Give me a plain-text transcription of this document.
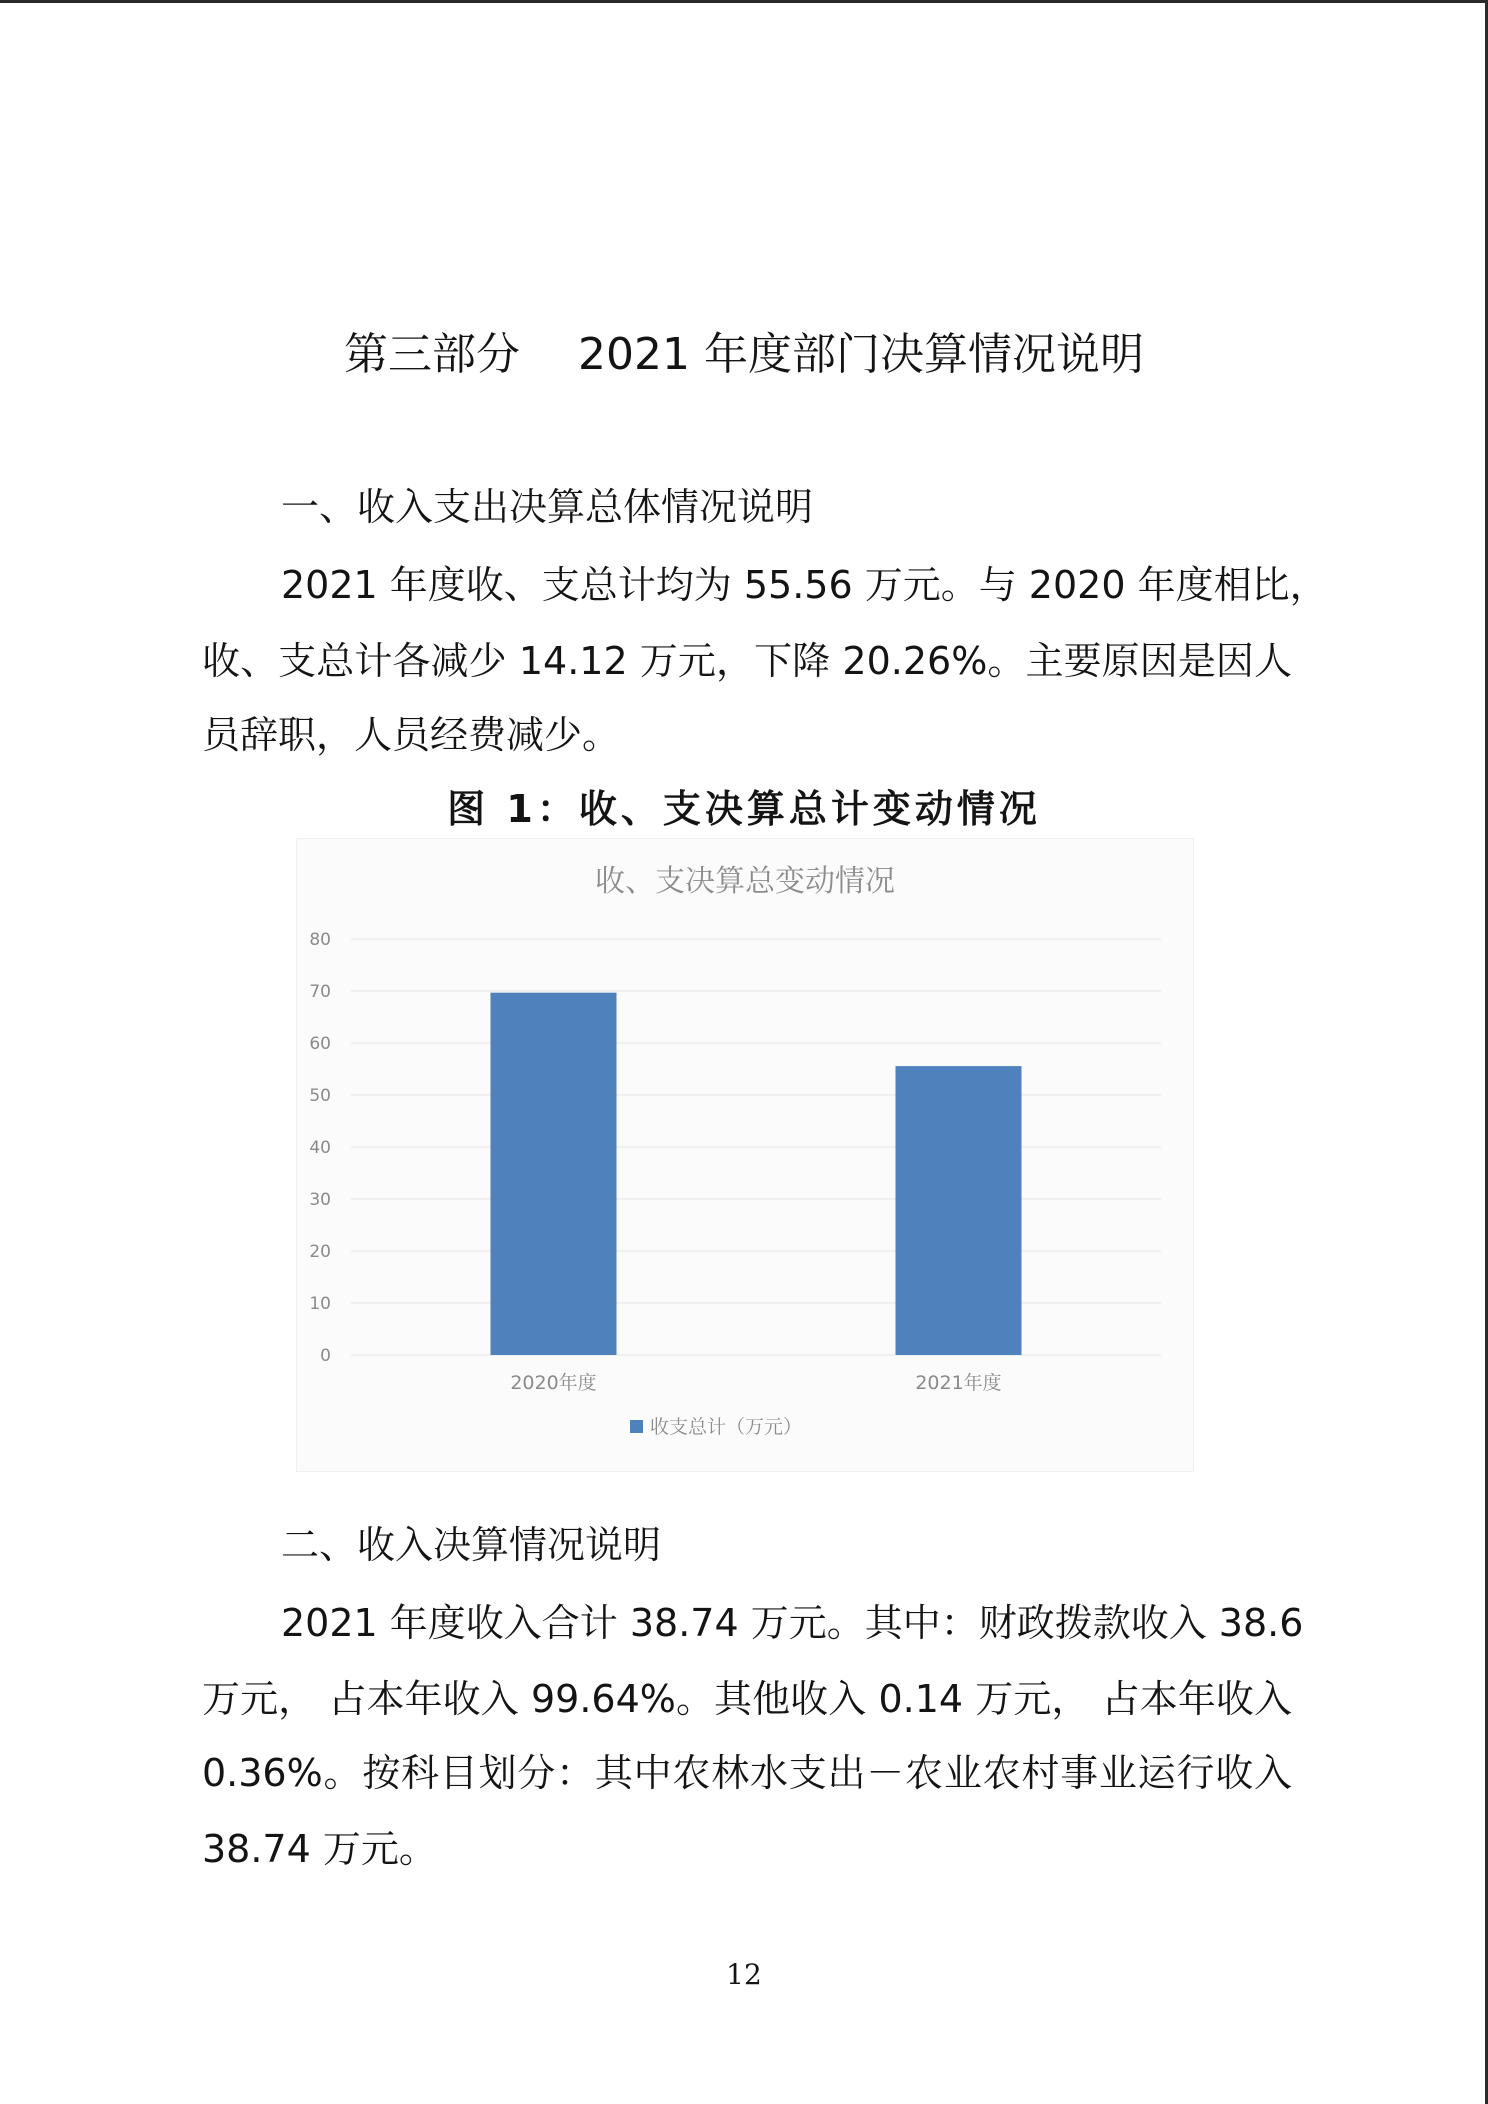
第三部分　 2021 年度部门决算情况说明
一、收入支出决算总体情况说明
2021 年度收、支总计均为 55.56 万元。与 2020 年度相比，
收、支总计各减少 14.12 万元，下降 20.26%。主要原因是因人
员辞职，人员经费减少。
图 1：收、支决算总计变动情况
收、支决算总变动情况
0
10
20
30
40
50
60
70
80
2020年度	2021年度
收支总计（万元）
二、收入决算情况说明
2021 年度收入合计 38.74 万元。其中：财政拨款收入 38.6
万元， 占本年收入 99.64%。其他收入 0.14 万元， 占本年收入
0.36%。按科目划分：其中农林水支出－农业农村事业运行收入
38.74 万元。
12
